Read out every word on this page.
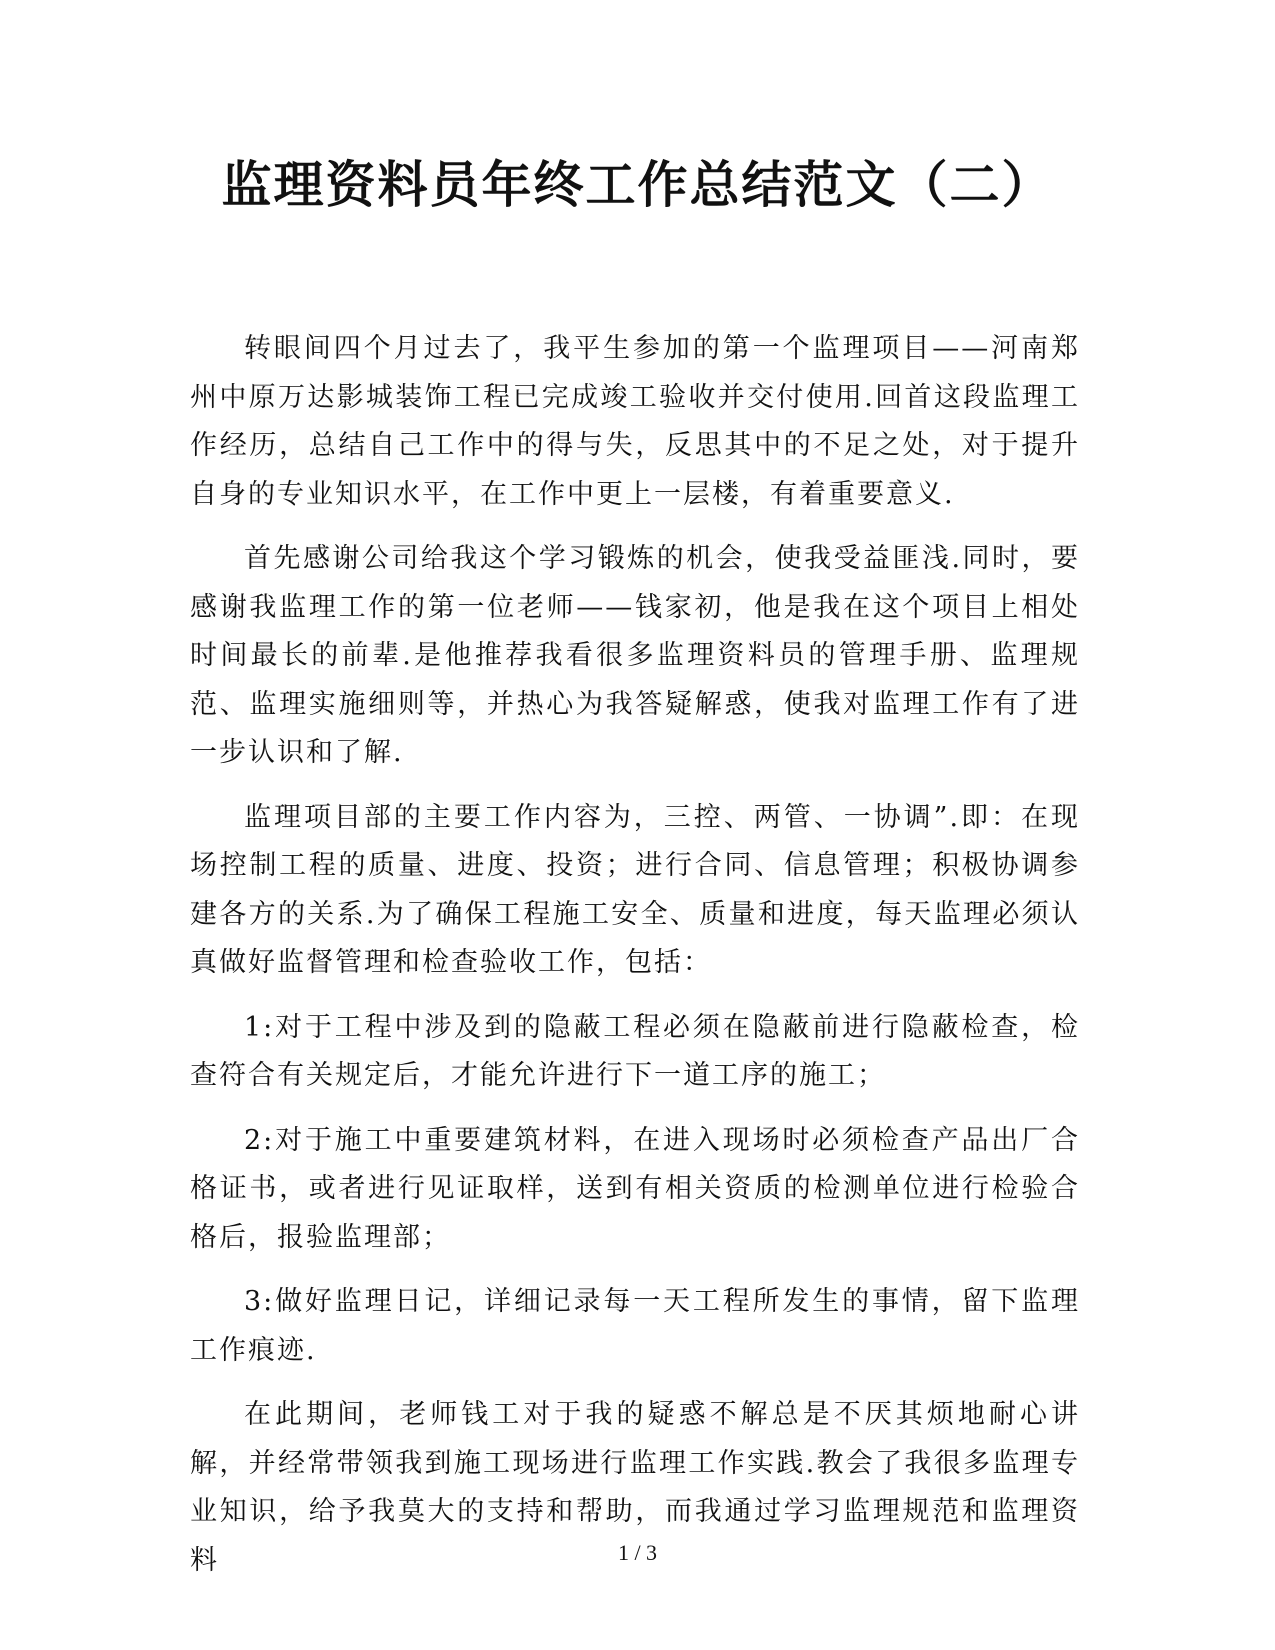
监理资料员年终工作总结范文（二）

转眼间四个月过去了，我平生参加的第一个监理项目——河南郑州中原万达影城装饰工程已完成竣工验收并交付使用.回首这段监理工作经历，总结自己工作中的得与失，反思其中的不足之处，对于提升自身的专业知识水平，在工作中更上一层楼，有着重要意义.

首先感谢公司给我这个学习锻炼的机会，使我受益匪浅.同时，要感谢我监理工作的第一位老师——钱家初，他是我在这个项目上相处时间最长的前辈.是他推荐我看很多监理资料员的管理手册、监理规范、监理实施细则等，并热心为我答疑解惑，使我对监理工作有了进一步认识和了解.

监理项目部的主要工作内容为，三控、两管、一协调”.即：在现场控制工程的质量、进度、投资；进行合同、信息管理；积极协调参建各方的关系.为了确保工程施工安全、质量和进度，每天监理必须认真做好监督管理和检查验收工作，包括：

1:对于工程中涉及到的隐蔽工程必须在隐蔽前进行隐蔽检查，检查符合有关规定后，才能允许进行下一道工序的施工；

2:对于施工中重要建筑材料，在进入现场时必须检查产品出厂合格证书，或者进行见证取样，送到有相关资质的检测单位进行检验合格后，报验监理部；

3:做好监理日记，详细记录每一天工程所发生的事情，留下监理工作痕迹.

在此期间，老师钱工对于我的疑惑不解总是不厌其烦地耐心讲解，并经常带领我到施工现场进行监理工作实践.教会了我很多监理专业知识，给予我莫大的支持和帮助，而我通过学习监理规范和监理资料	1 / 3
